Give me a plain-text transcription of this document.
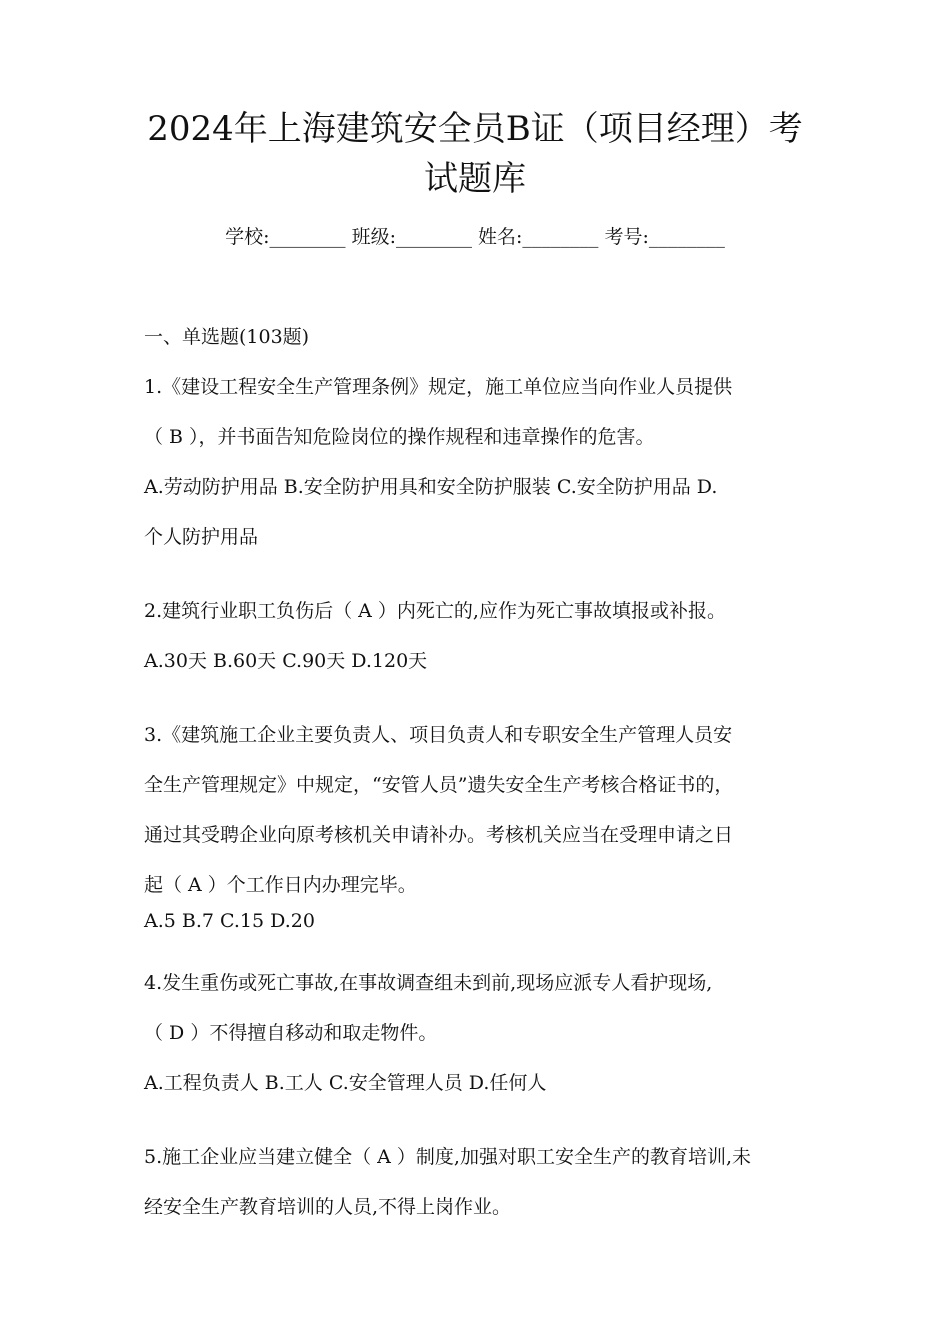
2024年上海建筑安全员B证（项目经理）考
试题库
学校:________ 班级:________ 姓名:________ 考号:________
一、单选题(103题)
1.《建设工程安全生产管理条例》规定，施工单位应当向作业人员提供
（ B ），并书面告知危险岗位的操作规程和违章操作的危害。
A.劳动防护用品 B.安全防护用具和安全防护服装 C.安全防护用品 D.
个人防护用品
2.建筑行业职工负伤后（ A ）内死亡的,应作为死亡事故填报或补报。
A.30天 B.60天 C.90天 D.120天
3.《建筑施工企业主要负责人、项目负责人和专职安全生产管理人员安
全生产管理规定》中规定，“安管人员”遗失安全生产考核合格证书的，
通过其受聘企业向原考核机关申请补办。考核机关应当在受理申请之日
起（ A ）个工作日内办理完毕。
A.5 B.7 C.15 D.20
4.发生重伤或死亡事故,在事故调查组未到前,现场应派专人看护现场,
（ D ）不得擅自移动和取走物件。
A.工程负责人 B.工人 C.安全管理人员 D.任何人
5.施工企业应当建立健全（ A ）制度,加强对职工安全生产的教育培训,未
经安全生产教育培训的人员,不得上岗作业。
